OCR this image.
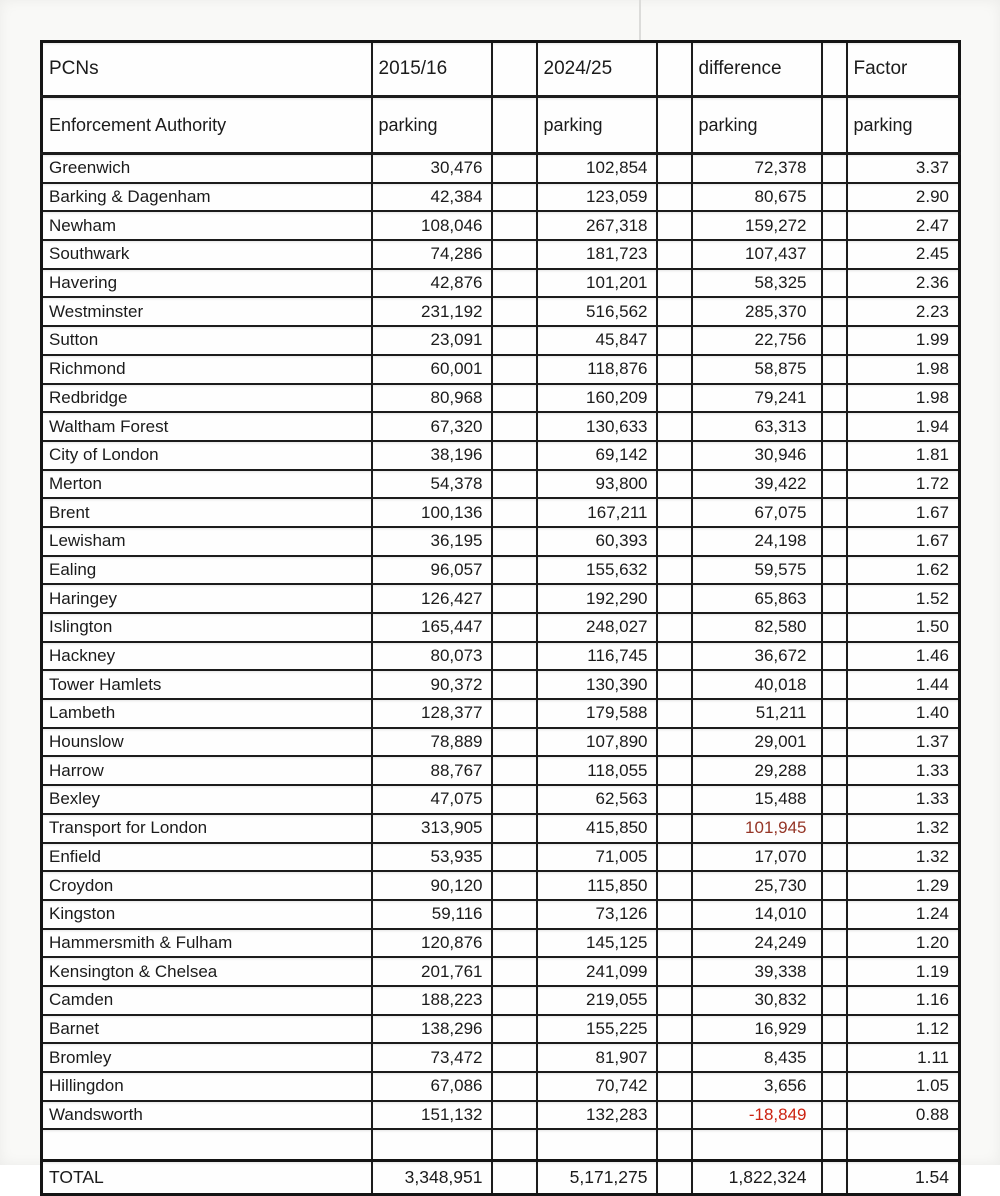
PCNs	2015/16		2024/25		difference		Factor
Enforcement Authority	parking		parking		parking		parking
Greenwich	30,476		102,854		72,378		3.37
Barking & Dagenham	42,384		123,059		80,675		2.90
Newham	108,046		267,318		159,272		2.47
Southwark	74,286		181,723		107,437		2.45
Havering	42,876		101,201		58,325		2.36
Westminster	231,192		516,562		285,370		2.23
Sutton	23,091		45,847		22,756		1.99
Richmond	60,001		118,876		58,875		1.98
Redbridge	80,968		160,209		79,241		1.98
Waltham Forest	67,320		130,633		63,313		1.94
City of London	38,196		69,142		30,946		1.81
Merton	54,378		93,800		39,422		1.72
Brent	100,136		167,211		67,075		1.67
Lewisham	36,195		60,393		24,198		1.67
Ealing	96,057		155,632		59,575		1.62
Haringey	126,427		192,290		65,863		1.52
Islington	165,447		248,027		82,580		1.50
Hackney	80,073		116,745		36,672		1.46
Tower Hamlets	90,372		130,390		40,018		1.44
Lambeth	128,377		179,588		51,211		1.40
Hounslow	78,889		107,890		29,001		1.37
Harrow	88,767		118,055		29,288		1.33
Bexley	47,075		62,563		15,488		1.33
Transport for London	313,905		415,850		101,945		1.32
Enfield	53,935		71,005		17,070		1.32
Croydon	90,120		115,850		25,730		1.29
Kingston	59,116		73,126		14,010		1.24
Hammersmith & Fulham	120,876		145,125		24,249		1.20
Kensington & Chelsea	201,761		241,099		39,338		1.19
Camden	188,223		219,055		30,832		1.16
Barnet	138,296		155,225		16,929		1.12
Bromley	73,472		81,907		8,435		1.11
Hillingdon	67,086		70,742		3,656		1.05
Wandsworth	151,132		132,283		-18,849		0.88

TOTAL	3,348,951		5,171,275		1,822,324		1.54
